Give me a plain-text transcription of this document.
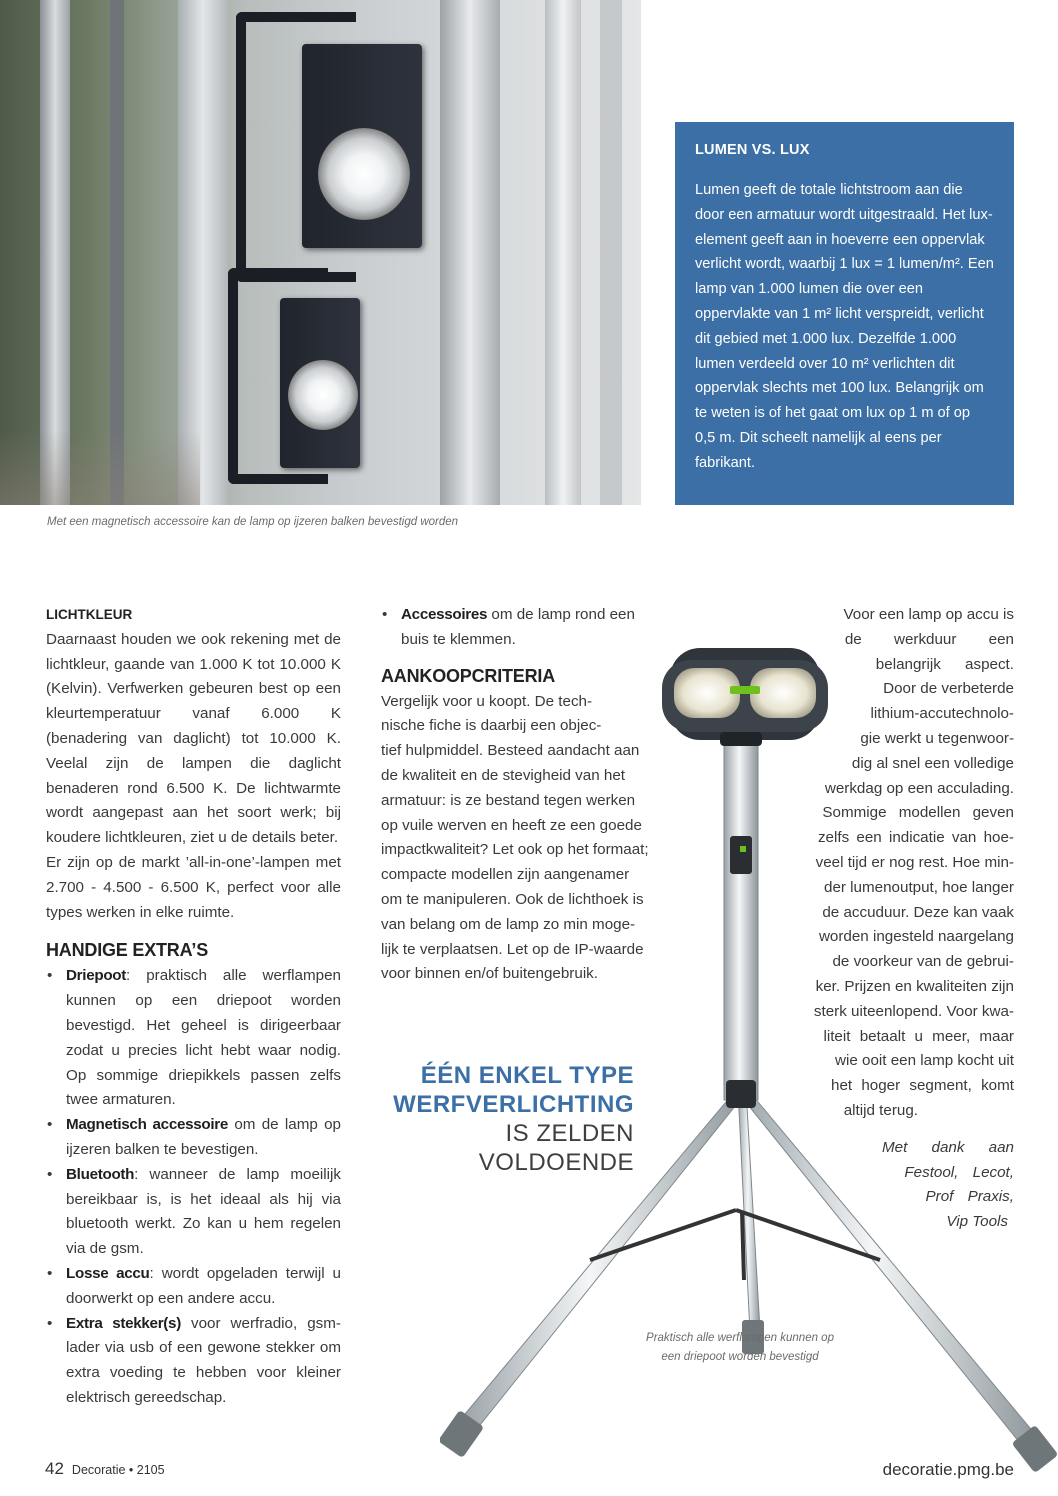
LUMEN VS. LUX

Lumen geeft de totale lichtstroom aan die door een armatuur wordt uitgestraald. Het lux-element geeft aan in hoeverre een oppervlak verlicht wordt, waarbij 1 lux = 1 lumen/m². Een lamp van 1.000 lumen die over een oppervlakte van 1 m² licht verspreidt, verlicht dit gebied met 1.000 lux. Dezelfde 1.000 lumen verdeeld over 10 m² verlichten dit oppervlak slechts met 100 lux. Belangrijk om te weten is of het gaat om lux op 1 m of op 0,5 m. Dit scheelt namelijk al eens per fabrikant.

Met een magnetisch accessoire kan de lamp op ijzeren balken bevestigd worden
LICHTKLEUR

Daarnaast houden we ook rekening met de lichtkleur, gaande van 1.000 K tot 10.000 K (Kelvin). Verfwerken gebeuren best op een kleurtemperatuur vanaf 6.000 K (benadering van daglicht) tot 10.000 K. Veelal zijn de lampen die daglicht benaderen rond 6.500 K. De lichtwarmte wordt aangepast aan het soort werk; bij koudere lichtkleuren, ziet u de details beter.

Er zijn op de markt ’all-in-one’-lampen met 2.700 - 4.500 - 6.500 K, perfect voor alle types werken in elke ruimte.

HANDIGE EXTRA’S
• Driepoot: praktisch alle werflampen kunnen op een driepoot worden bevestigd. Het geheel is dirigeerbaar zodat u precies licht hebt waar nodig. Op sommige driepikkels passen zelfs twee armaturen.
• Magnetisch accessoire om de lamp op ijzeren balken te bevestigen.
• Bluetooth: wanneer de lamp moeilijk bereikbaar is, is het ideaal als hij via bluetooth werkt. Zo kan u hem regelen via de gsm.
• Losse accu: wordt opgeladen terwijl u doorwerkt op een andere accu.
• Extra stekker(s) voor werfradio, gsm-lader via usb of een gewone stekker om extra voeding te hebben voor kleiner elektrisch gereedschap.
• Accessoires om de lamp rond een buis te klemmen.
AANKOOPCRITERIA
Vergelijk voor u koopt. De tech-
nische fiche is daarbij een objec-
tief hulpmiddel. Besteed aandacht aan
de kwaliteit en de stevigheid van het
armatuur: is ze bestand tegen werken
op vuile werven en heeft ze een goede
impactkwaliteit? Let ook op het formaat;
compacte modellen zijn aangenamer
om te manipuleren. Ook de lichthoek is
van belang om de lamp zo min moge-
lijk te verplaatsen. Let op de IP-waarde
voor binnen en/of buitengebruik.
ÉÉN ENKEL TYPE
WERFVERLICHTING
IS ZELDEN
VOLDOENDE
Voor een lamp op accu is
de werkduur een
belangrijk aspect.
Door de verbeterde
lithium-accutechnolo-
gie werkt u tegenwoor-
dig al snel een volledige
werkdag op een acculading.
Sommige modellen geven
zelfs een indicatie van hoe-
veel tijd er nog rest. Hoe min-
der lumenoutput, hoe langer
de accuduur. Deze kan vaak
worden ingesteld naargelang
de voorkeur van de gebrui-
ker. Prijzen en kwaliteiten zijn
sterk uiteenlopend. Voor kwa-
liteit betaalt u meer, maar
wie ooit een lamp kocht uit
het hoger segment, komt
altijd terug.
Met dank aan
Festool, Lecot,
Prof Praxis,
Vip Tools
Praktisch alle werflampen kunnen op
een driepoot worden bevestigd
42 Decoratie • 2105	decoratie.pmg.be
